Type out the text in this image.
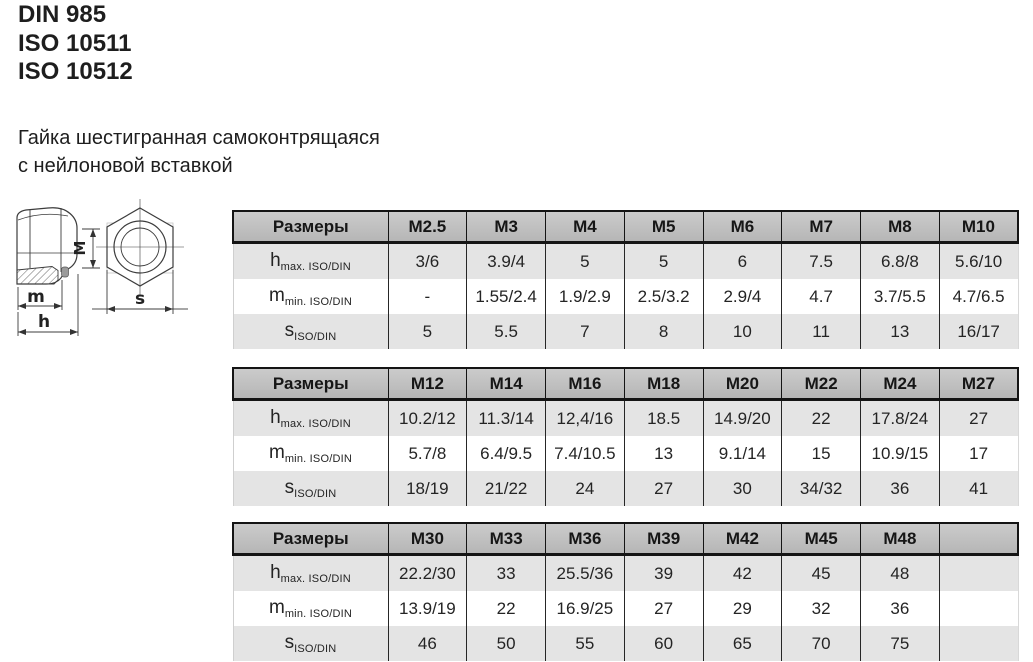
DIN 985
ISO 10511
ISO 10512
Гайка шестигранная самоконтрящаяся
с нейлоновой вставкой
m
h
M
s
Размеры	M2.5	M3	M4	M5	M6	M7	M8	M10
$h_{max. ISO/DIN}$	3/6	3.9/4	5	5	6	7.5	6.8/8	5.6/10
$m_{min. ISO/DIN}$	-	1.55/2.4	1.9/2.9	2.5/3.2	2.9/4	4.7	3.7/5.5	4.7/6.5
$s_{ISO/DIN}$	5	5.5	7	8	10	11	13	16/17
Размеры	M12	M14	M16	M18	M20	M22	M24	M27
$h_{max. ISO/DIN}$	10.2/12	11.3/14	12,4/16	18.5	14.9/20	22	17.8/24	27
$m_{min. ISO/DIN}$	5.7/8	6.4/9.5	7.4/10.5	13	9.1/14	15	10.9/15	17
$s_{ISO/DIN}$	18/19	21/22	24	27	30	34/32	36	41
Размеры	M30	M33	M36	M39	M42	M45	M48	
$h_{max. ISO/DIN}$	22.2/30	33	25.5/36	39	42	45	48	
$m_{min. ISO/DIN}$	13.9/19	22	16.9/25	27	29	32	36	
$s_{ISO/DIN}$	46	50	55	60	65	70	75	
